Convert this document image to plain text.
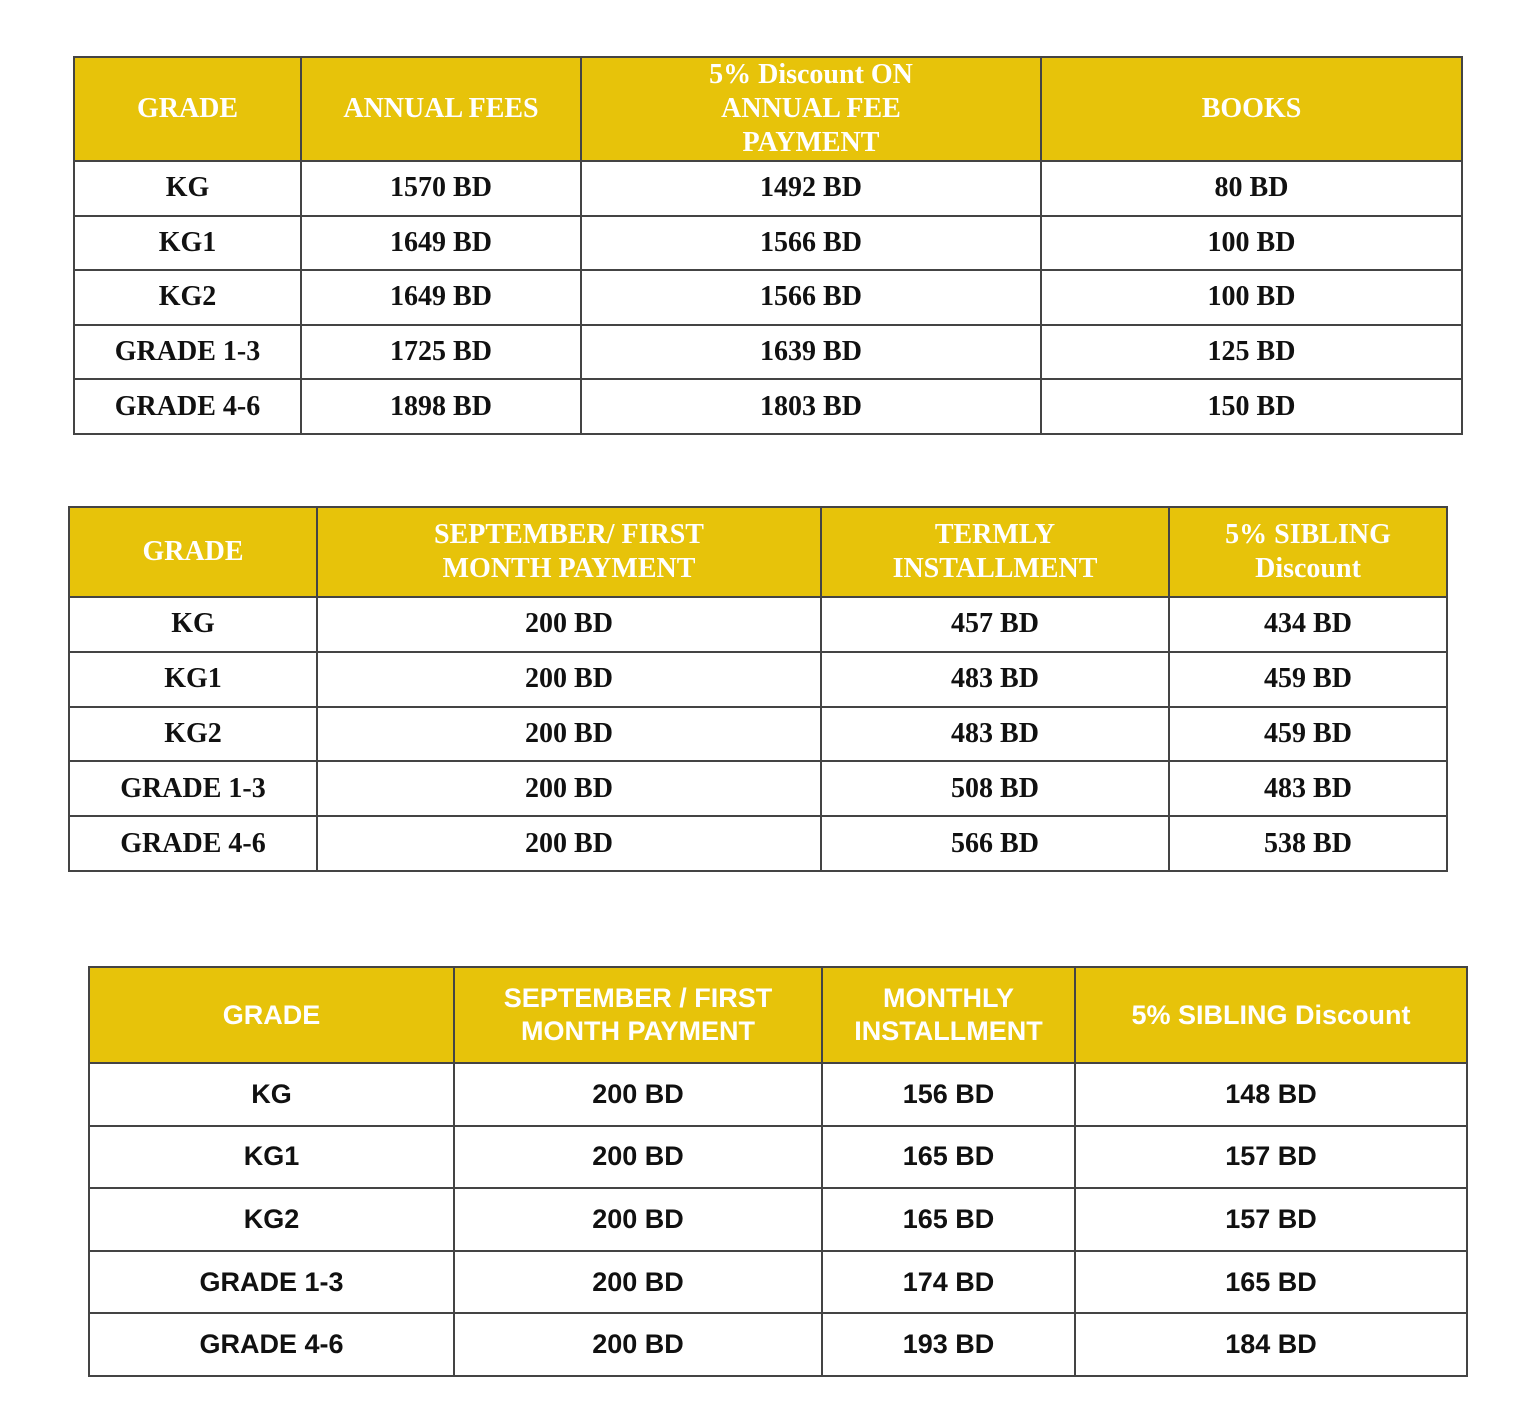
GRADE	ANNUAL FEES	5% Discount ON ANNUAL FEE PAYMENT	BOOKS
KG	1570 BD	1492 BD	80 BD
KG1	1649 BD	1566 BD	100 BD
KG2	1649 BD	1566 BD	100 BD
GRADE 1-3	1725 BD	1639 BD	125 BD
GRADE 4-6	1898 BD	1803 BD	150 BD
GRADE	SEPTEMBER/ FIRST MONTH PAYMENT	TERMLY INSTALLMENT	5% SIBLING Discount
KG	200 BD	457 BD	434 BD
KG1	200 BD	483 BD	459 BD
KG2	200 BD	483 BD	459 BD
GRADE 1-3	200 BD	508 BD	483 BD
GRADE 4-6	200 BD	566 BD	538 BD
GRADE	SEPTEMBER / FIRST MONTH PAYMENT	MONTHLY INSTALLMENT	5% SIBLING Discount
KG	200 BD	156 BD	148 BD
KG1	200 BD	165 BD	157 BD
KG2	200 BD	165 BD	157 BD
GRADE 1-3	200 BD	174 BD	165 BD
GRADE 4-6	200 BD	193 BD	184 BD
